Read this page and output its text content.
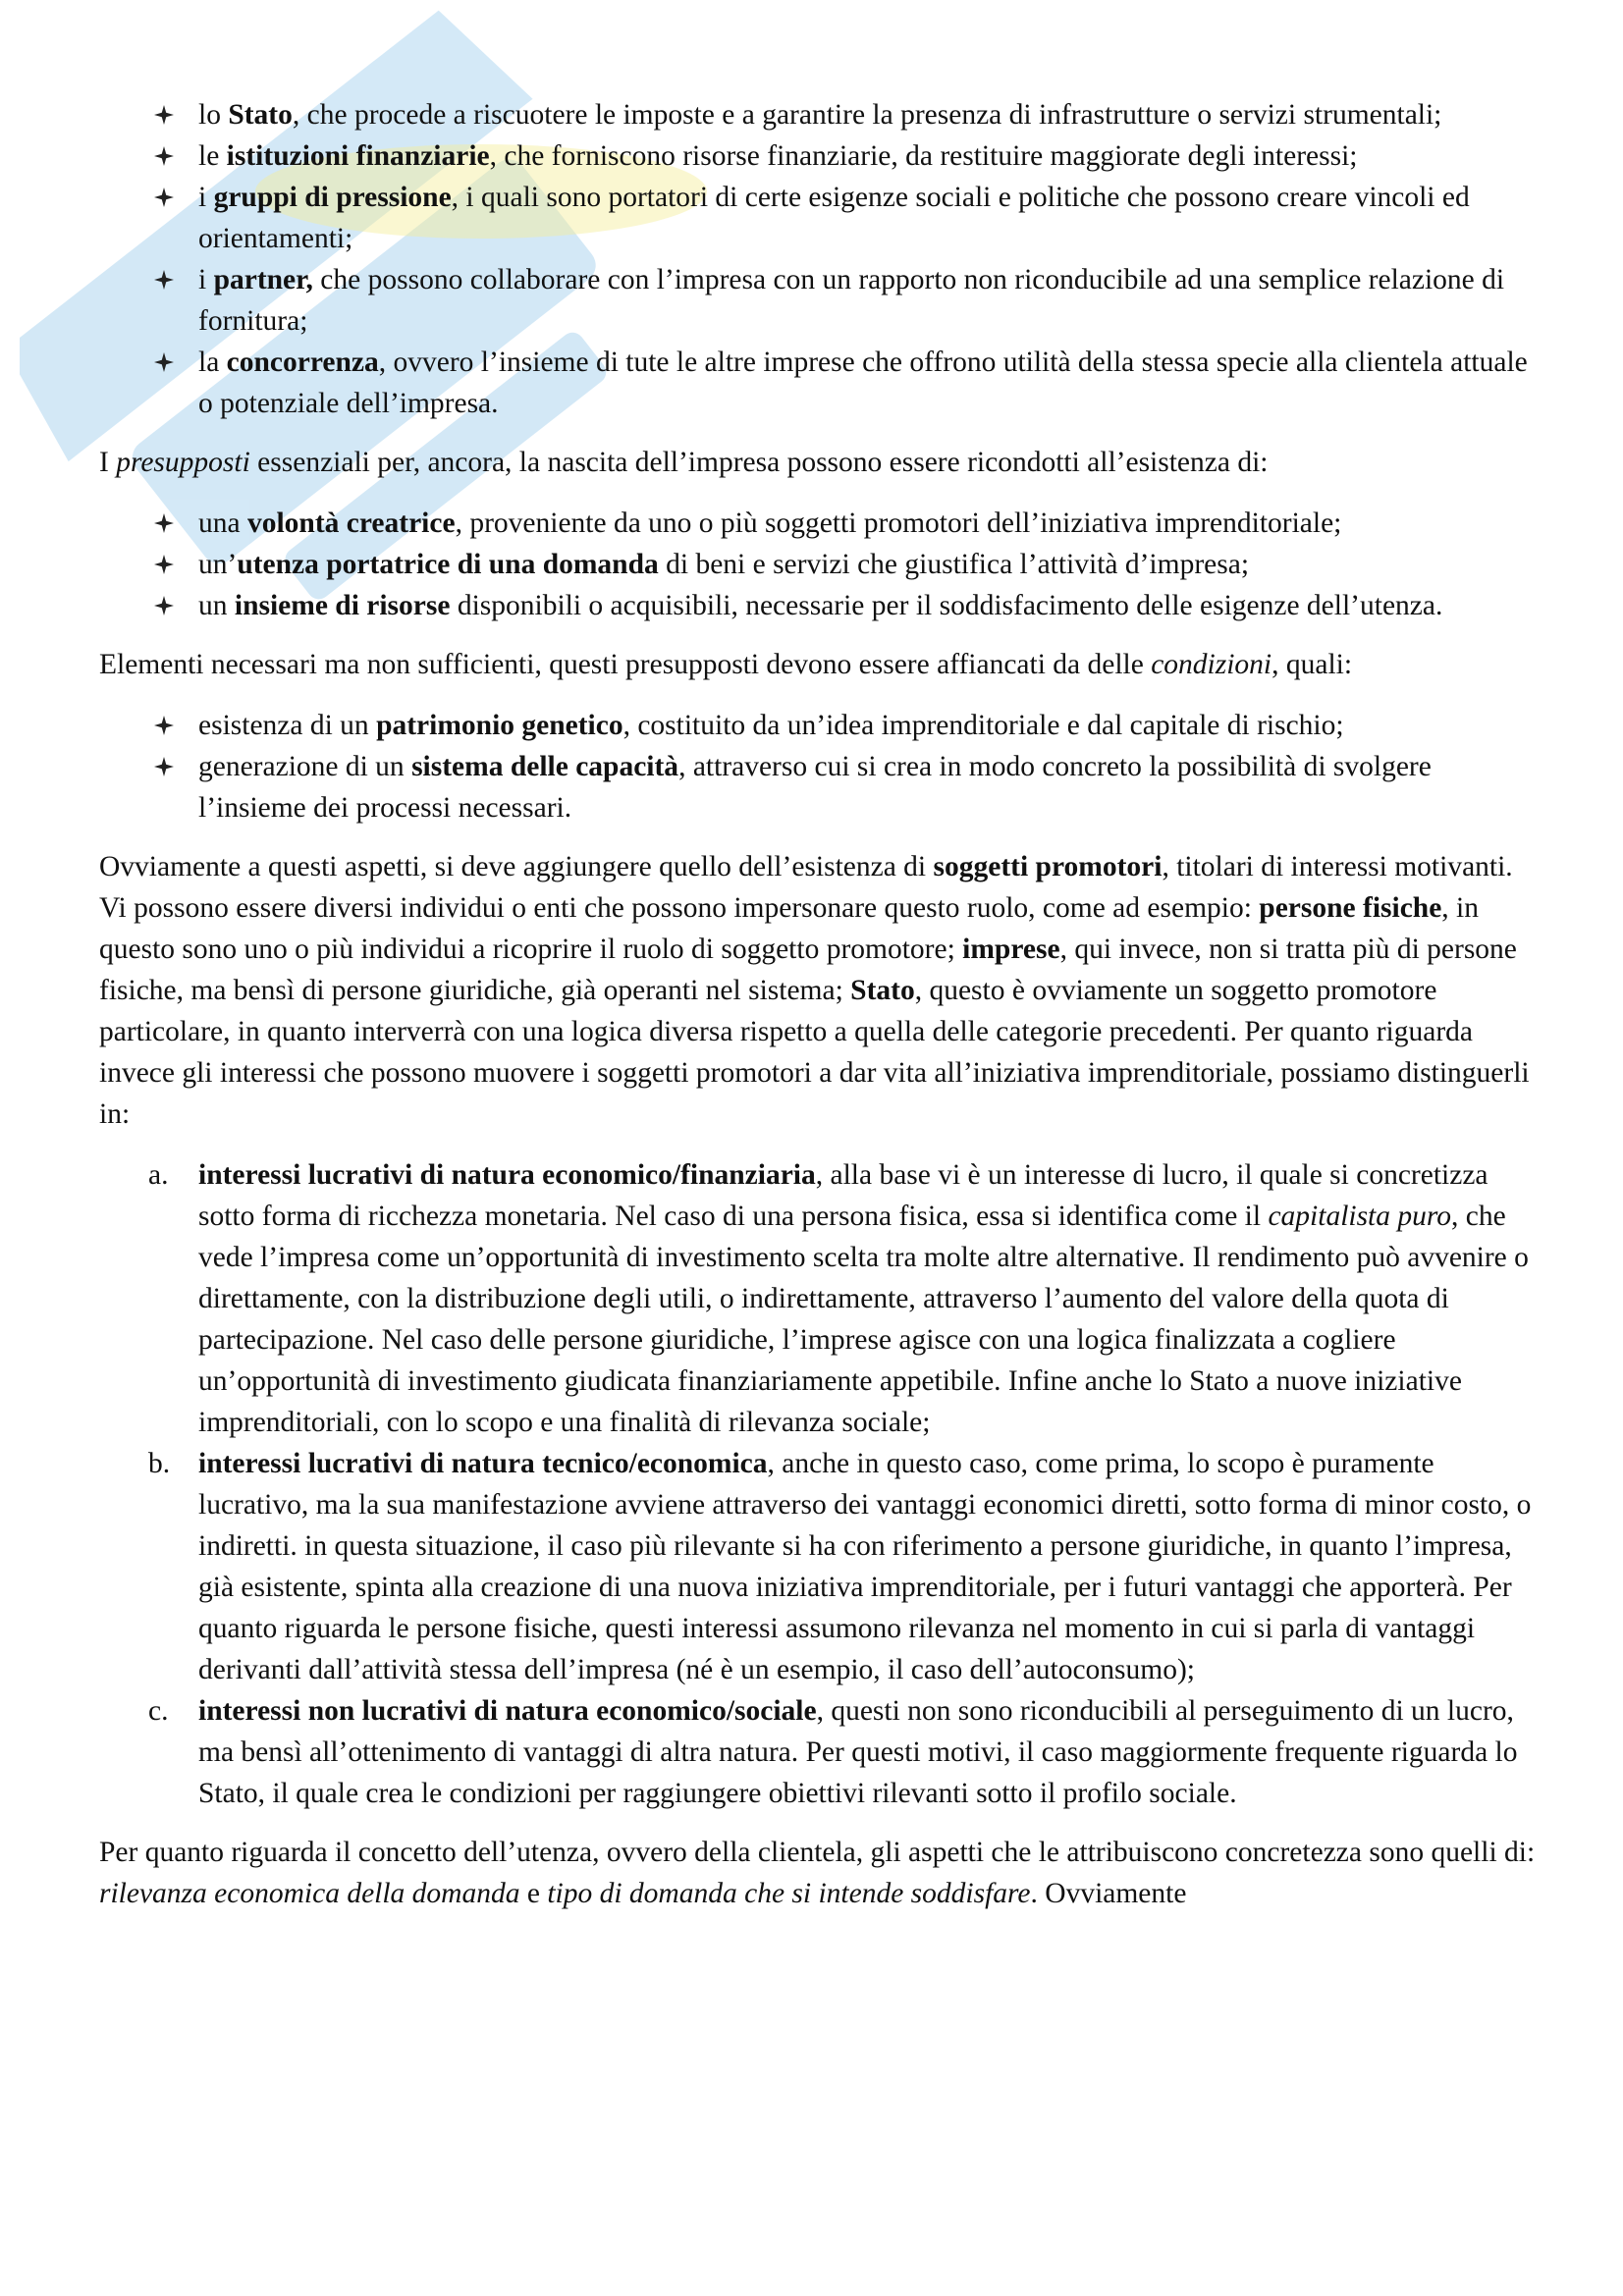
lo Stato, che procede a riscuotere le imposte e a garantire la presenza di infrastrutture o servizi strumentali;
le istituzioni finanziarie, che forniscono risorse finanziarie, da restituire maggiorate degli interessi;
i gruppi di pressione, i quali sono portatori di certe esigenze sociali e politiche che possono creare vincoli ed orientamenti;
i partner, che possono collaborare con l’impresa con un rapporto non riconducibile ad una semplice relazione di fornitura;
la concorrenza, ovvero l’insieme di tute le altre imprese che offrono utilità della stessa specie alla clientela attuale o potenziale dell’impresa.

I presupposti essenziali per, ancora, la nascita dell’impresa possono essere ricondotti all’esistenza di:

una volontà creatrice, proveniente da uno o più soggetti promotori dell’iniziativa imprenditoriale;
un’utenza portatrice di una domanda di beni e servizi che giustifica l’attività d’impresa;
un insieme di risorse disponibili o acquisibili, necessarie per il soddisfacimento delle esigenze dell’utenza.

Elementi necessari ma non sufficienti, questi presupposti devono essere affiancati da delle condizioni, quali:

esistenza di un patrimonio genetico, costituito da un’idea imprenditoriale e dal capitale di rischio;
generazione di un sistema delle capacità, attraverso cui si crea in modo concreto la possibilità di svolgere l’insieme dei processi necessari.

Ovviamente a questi aspetti, si deve aggiungere quello dell’esistenza di soggetti promotori, titolari di interessi motivanti. Vi possono essere diversi individui o enti che possono impersonare questo ruolo, come ad esempio: persone fisiche, in questo sono uno o più individui a ricoprire il ruolo di soggetto promotore; imprese, qui invece, non si tratta più di persone fisiche, ma bensì di persone giuridiche, già operanti nel sistema; Stato, questo è ovviamente un soggetto promotore particolare, in quanto interverrà con una logica diversa rispetto a quella delle categorie precedenti. Per quanto riguarda invece gli interessi che possono muovere i soggetti promotori a dar vita all’iniziativa imprenditoriale, possiamo distinguerli in:

a. interessi lucrativi di natura economico/finanziaria, alla base vi è un interesse di lucro, il quale si concretizza sotto forma di ricchezza monetaria. Nel caso di una persona fisica, essa si identifica come il capitalista puro, che vede l’impresa come un’opportunità di investimento scelta tra molte altre alternative. Il rendimento può avvenire o direttamente, con la distribuzione degli utili, o indirettamente, attraverso l’aumento del valore della quota di partecipazione. Nel caso delle persone giuridiche, l’imprese agisce con una logica finalizzata a cogliere un’opportunità di investimento giudicata finanziariamente appetibile. Infine anche lo Stato a nuove iniziative imprenditoriali, con lo scopo e una finalità di rilevanza sociale;
b. interessi lucrativi di natura tecnico/economica, anche in questo caso, come prima, lo scopo è puramente lucrativo, ma la sua manifestazione avviene attraverso dei vantaggi economici diretti, sotto forma di minor costo, o indiretti. in questa situazione, il caso più rilevante si ha con riferimento a persone giuridiche, in quanto l’impresa, già esistente, spinta alla creazione di una nuova iniziativa imprenditoriale, per i futuri vantaggi che apporterà. Per quanto riguarda le persone fisiche, questi interessi assumono rilevanza nel momento in cui si parla di vantaggi derivanti dall’attività stessa dell’impresa (né è un esempio, il caso dell’autoconsumo);
c. interessi non lucrativi di natura economico/sociale, questi non sono riconducibili al perseguimento di un lucro, ma bensì all’ottenimento di vantaggi di altra natura. Per questi motivi, il caso maggiormente frequente riguarda lo Stato, il quale crea le condizioni per raggiungere obiettivi rilevanti sotto il profilo sociale.

Per quanto riguarda il concetto dell’utenza, ovvero della clientela, gli aspetti che le attribuiscono concretezza sono quelli di: rilevanza economica della domanda e tipo di domanda che si intende soddisfare. Ovviamente
